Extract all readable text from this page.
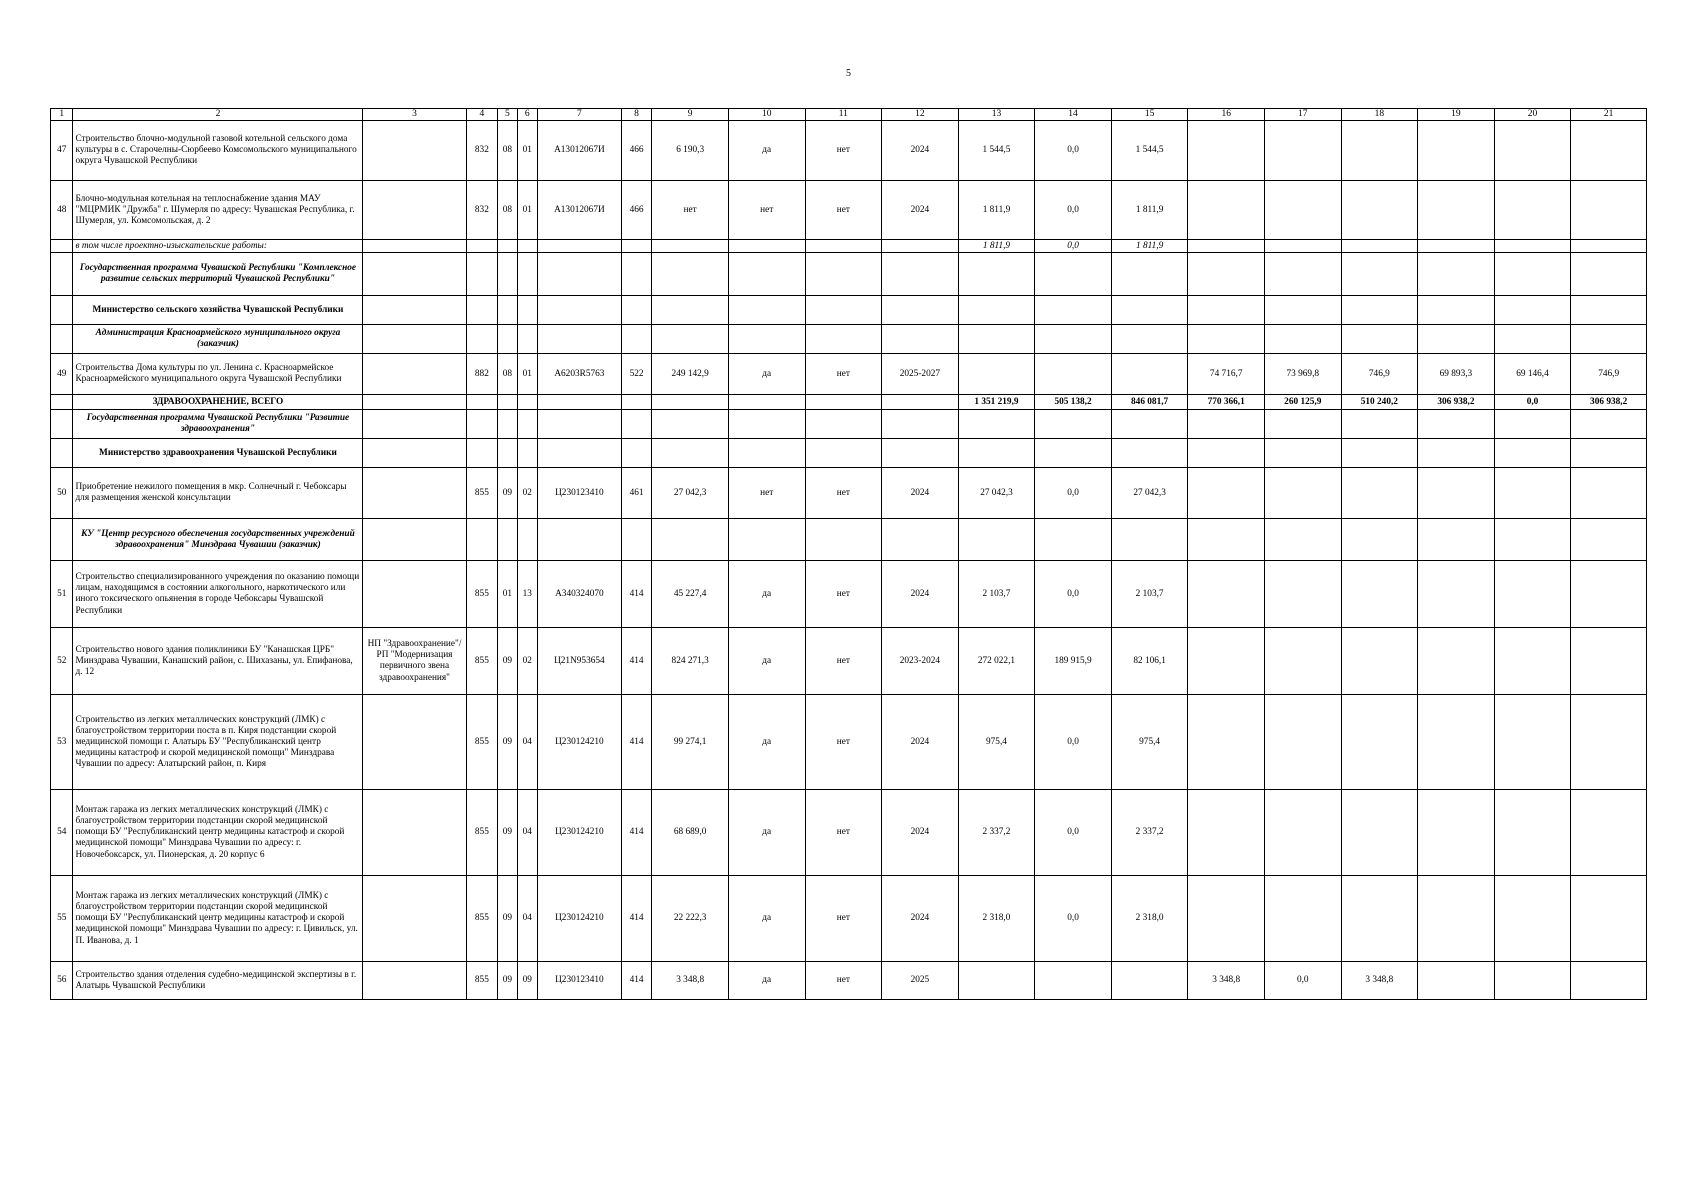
5
1	2	3	4	5	6	7	8	9	10	11	12	13	14	15	16	17	18	19	20	21
47	Строительство блочно-модульной газовой котельной сельского дома культуры в с. Старочелны-Сюрбеево Комсомольского муниципального округа Чувашской Республики		832	08	01	А13012067И	466	6 190,3	да	нет	2024	1 544,5	0,0	1 544,5						
48	Блочно-модульная котельная на теплоснабжение здания МАУ "МЦРМИК "Дружба" г. Шумерля по адресу: Чувашская Республика, г. Шумерля, ул. Комсомольская, д. 2		832	08	01	А13012067И	466	нет	нет	нет	2024	1 811,9	0,0	1 811,9						
	в том числе проектно-изыскательские работы:											1 811,9	0,0	1 811,9						
	Государственная программа Чувашской Республики "Комплексное развитие сельских территорий Чувашской Республики"																			
	Министерство сельского хозяйства Чувашской Республики																			
	Администрация Красноармейского муниципального округа (заказчик)																			
49	Строительства Дома культуры по ул. Ленина с. Красноармейское Красноармейского муниципального округа Чувашской Республики		882	08	01	А6203R5763	522	249 142,9	да	нет	2025-2027				74 716,7	73 969,8	746,9	69 893,3	69 146,4	746,9
	ЗДРАВООХРАНЕНИЕ, ВСЕГО											1 351 219,9	505 138,2	846 081,7	770 366,1	260 125,9	510 240,2	306 938,2	0,0	306 938,2
	Государственная программа Чувашской Республики "Развитие здравоохранения"																			
	Министерство здравоохранения Чувашской Республики																			
50	Приобретение нежилого помещения в мкр. Солнечный г. Чебоксары для размещения женской консультации		855	09	02	Ц230123410	461	27 042,3	нет	нет	2024	27 042,3	0,0	27 042,3						
	КУ "Центр ресурсного обеспечения государственных учреждений здравоохранения" Минздрава Чувашии (заказчик)																			
51	Строительство специализированного учреждения по оказанию помощи лицам, находящимся в состоянии алкогольного, наркотического или иного токсического опьянения в городе Чебоксары Чувашской Республики		855	01	13	А340324070	414	45 227,4	да	нет	2024	2 103,7	0,0	2 103,7						
52	Строительство нового здания поликлиники БУ "Канашская ЦРБ" Минздрава Чувашии, Канашский район, с. Шихазаны, ул. Епифанова, д. 12	НП "Здравоохранение"/ РП "Модернизация первичного звена здравоохранения"	855	09	02	Ц21N953654	414	824 271,3	да	нет	2023-2024	272 022,1	189 915,9	82 106,1						
53	Строительство из легких металлических конструкций (ЛМК) с благоустройством территории поста в п. Киря подстанции скорой медицинской помощи г. Алатырь БУ "Республиканский центр медицины катастроф и скорой медицинской помощи" Минздрава Чувашии по адресу: Алатырский район, п. Киря		855	09	04	Ц230124210	414	99 274,1	да	нет	2024	975,4	0,0	975,4						
54	Монтаж гаража из легких металлических конструкций (ЛМК) с благоустройством территории подстанции скорой медицинской помощи БУ "Республиканский центр медицины катастроф и скорой медицинской помощи" Минздрава Чувашии по адресу: г. Новочебоксарск, ул. Пионерская, д. 20 корпус 6		855	09	04	Ц230124210	414	68 689,0	да	нет	2024	2 337,2	0,0	2 337,2						
55	Монтаж гаража из легких металлических конструкций (ЛМК) с благоустройством территории подстанции скорой медицинской помощи БУ "Республиканский центр медицины катастроф и скорой медицинской помощи" Минздрава Чувашии по адресу: г. Цивильск, ул. П. Иванова, д. 1		855	09	04	Ц230124210	414	22 222,3	да	нет	2024	2 318,0	0,0	2 318,0						
56	Строительство здания отделения судебно-медицинской экспертизы в г. Алатырь Чувашской Республики		855	09	09	Ц230123410	414	3 348,8	да	нет	2025				3 348,8	0,0	3 348,8			
